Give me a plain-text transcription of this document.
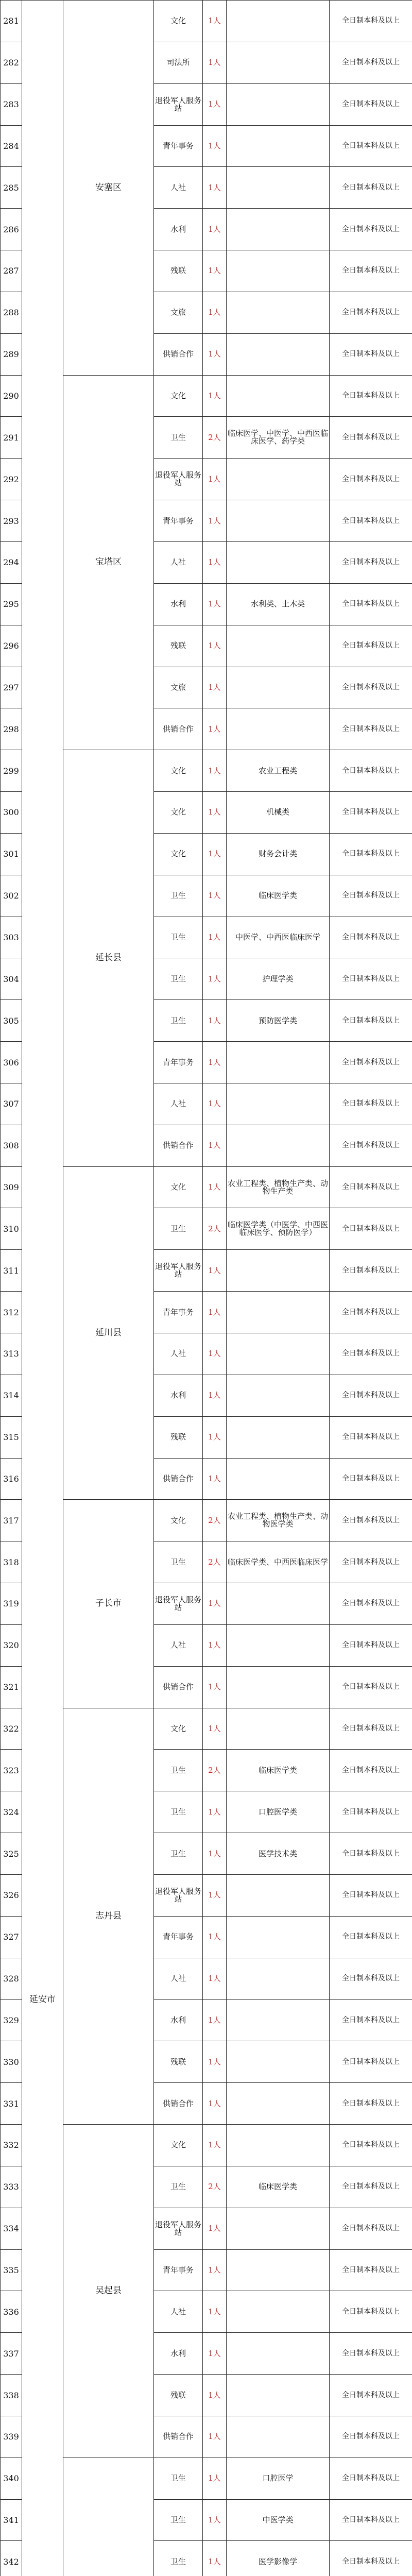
281	延安市	安塞区	文化	1人		全日制本科及以上
282			司法所	1人		全日制本科及以上
283			退役军人服务站	1人		全日制本科及以上
284			青年事务	1人		全日制本科及以上
285			人社	1人		全日制本科及以上
286			水利	1人		全日制本科及以上
287			残联	1人		全日制本科及以上
288			文旅	1人		全日制本科及以上
289			供销合作	1人		全日制本科及以上
290		宝塔区	文化	1人		全日制本科及以上
291			卫生	2人	临床医学、中医学、中西医临床医学、药学类	全日制本科及以上
292			退役军人服务站	1人		全日制本科及以上
293			青年事务	1人		全日制本科及以上
294			人社	1人		全日制本科及以上
295			水利	1人	水利类、土木类	全日制本科及以上
296			残联	1人		全日制本科及以上
297			文旅	1人		全日制本科及以上
298			供销合作	1人		全日制本科及以上
299		延长县	文化	1人	农业工程类	全日制本科及以上
300			文化	1人	机械类	全日制本科及以上
301			文化	1人	财务会计类	全日制本科及以上
302			卫生	1人	临床医学类	全日制本科及以上
303			卫生	1人	中医学、中西医临床医学	全日制本科及以上
304			卫生	1人	护理学类	全日制本科及以上
305			卫生	1人	预防医学类	全日制本科及以上
306			青年事务	1人		全日制本科及以上
307			人社	1人		全日制本科及以上
308			供销合作	1人		全日制本科及以上
309		延川县	文化	1人	农业工程类、植物生产类、动物生产类	全日制本科及以上
310			卫生	2人	临床医学类（中医学、中西医临床医学、预防医学）	全日制本科及以上
311			退役军人服务站	1人		全日制本科及以上
312			青年事务	1人		全日制本科及以上
313			人社	1人		全日制本科及以上
314			水利	1人		全日制本科及以上
315			残联	1人		全日制本科及以上
316			供销合作	1人		全日制本科及以上
317		子长市	文化	2人	农业工程类、植物生产类、动物医学类	全日制本科及以上
318			卫生	2人	临床医学类、中西医临床医学	全日制本科及以上
319			退役军人服务站	1人		全日制本科及以上
320			人社	1人		全日制本科及以上
321			供销合作	1人		全日制本科及以上
322		志丹县	文化	1人		全日制本科及以上
323			卫生	2人	临床医学类	全日制本科及以上
324			卫生	1人	口腔医学类	全日制本科及以上
325			卫生	1人	医学技术类	全日制本科及以上
326			退役军人服务站	1人		全日制本科及以上
327			青年事务	1人		全日制本科及以上
328			人社	1人		全日制本科及以上
329			水利	1人		全日制本科及以上
330			残联	1人		全日制本科及以上
331			供销合作	1人		全日制本科及以上
332		吴起县	文化	1人		全日制本科及以上
333			卫生	2人	临床医学类	全日制本科及以上
334			退役军人服务站	1人		全日制本科及以上
335			青年事务	1人		全日制本科及以上
336			人社	1人		全日制本科及以上
337			水利	1人		全日制本科及以上
338			残联	1人		全日制本科及以上
339			供销合作	1人		全日制本科及以上
340			卫生	1人	口腔医学	全日制本科及以上
341			卫生	1人	中医学类	全日制本科及以上
342			卫生	1人	医学影像学	全日制本科及以上
